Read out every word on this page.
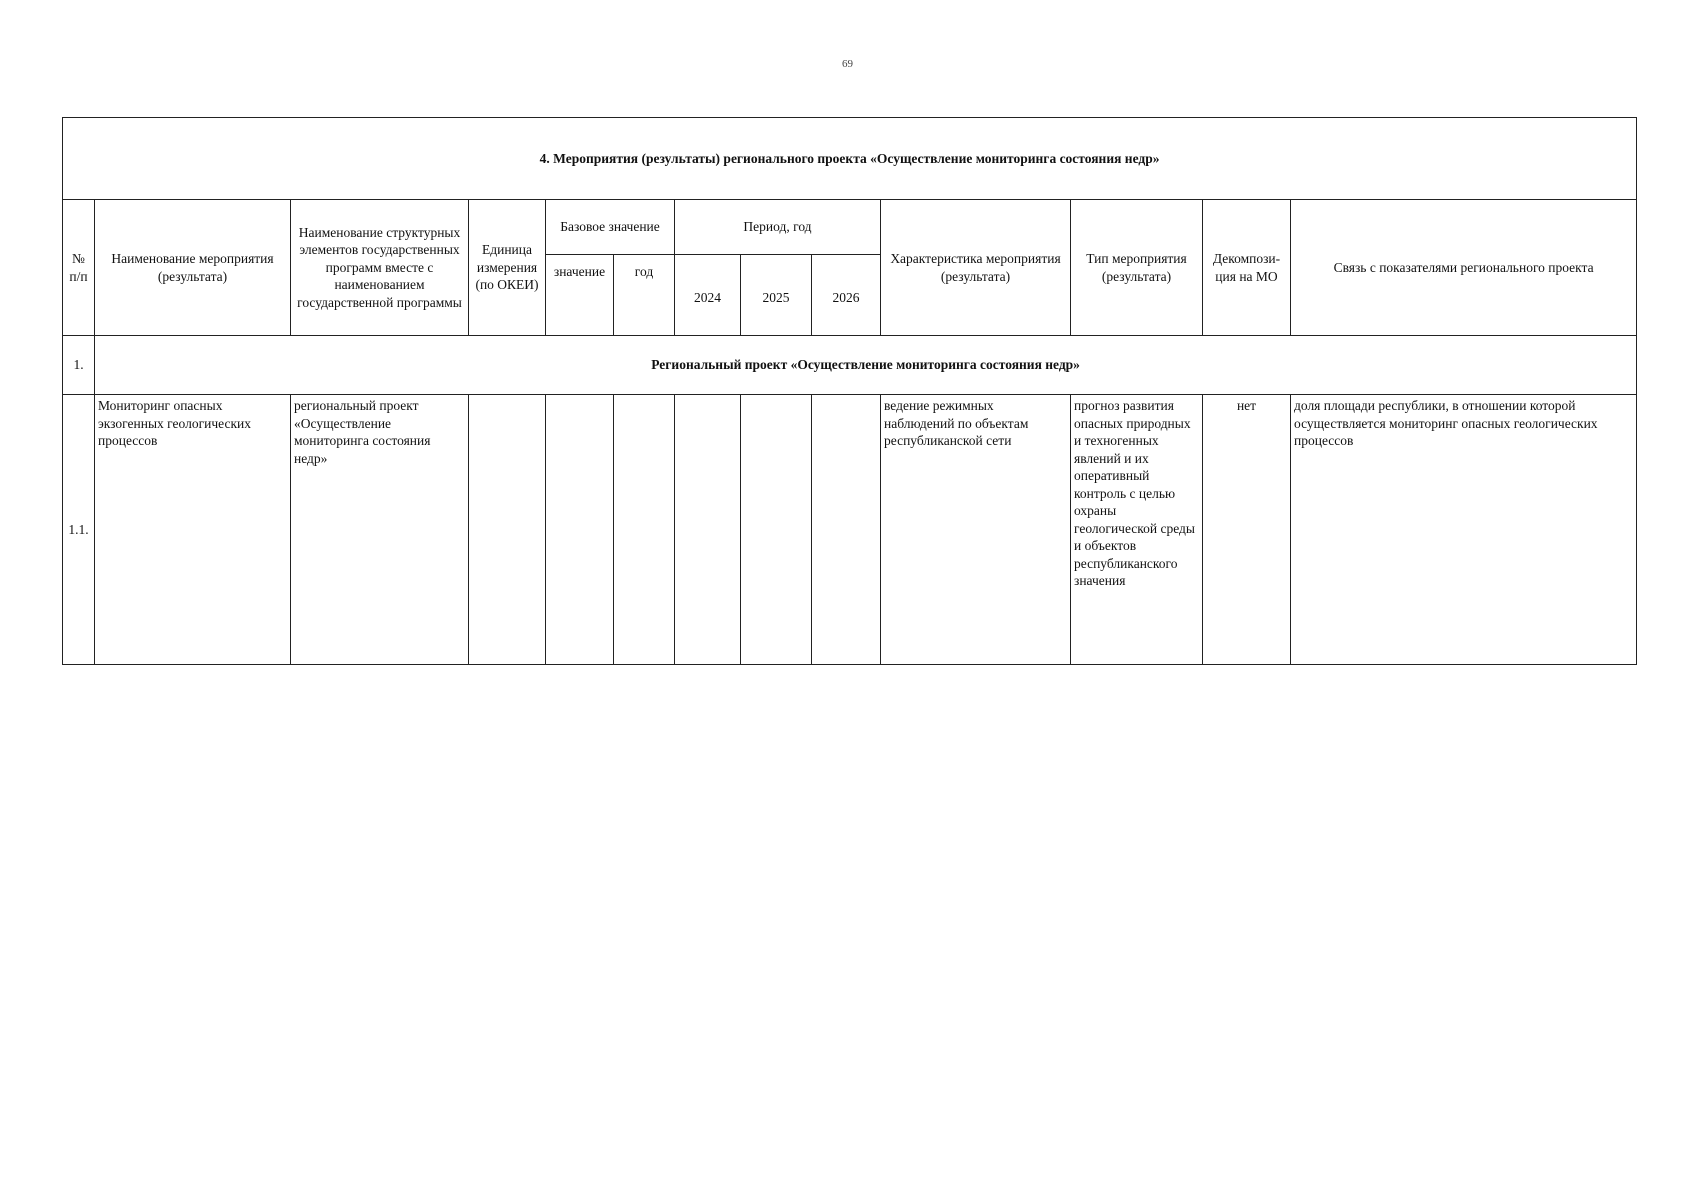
69
4. Мероприятия (результаты) регионального проекта «Осуществление мониторинга состояния недр»												
№ п/п	Наименование мероприятия (результата)	Наименование структурных элементов государственных программ вместе с наименованием государственной программы	Единица измерения (по ОКЕИ)	Базовое значение		Период, год			Характеристика мероприятия (результата)	Тип мероприятия (результата)	Декомпози-ция на МО	Связь с показателями регионального проекта
				значение	год	2024	2025	2026				
1.	Региональный проект «Осуществление мониторинга состояния недр»											
1.1.	Мониторинг опасных экзогенных геологических процессов	региональный проект «Осуществление мониторинга состояния недр»							ведение режимных наблюдений по объектам республиканской сети	прогноз развития опасных природных и техногенных явлений и их оперативный контроль с целью охраны геологической среды и объектов республиканского значения	нет	доля площади республики, в отношении которой осуществляется мониторинг опасных геологических процессов
